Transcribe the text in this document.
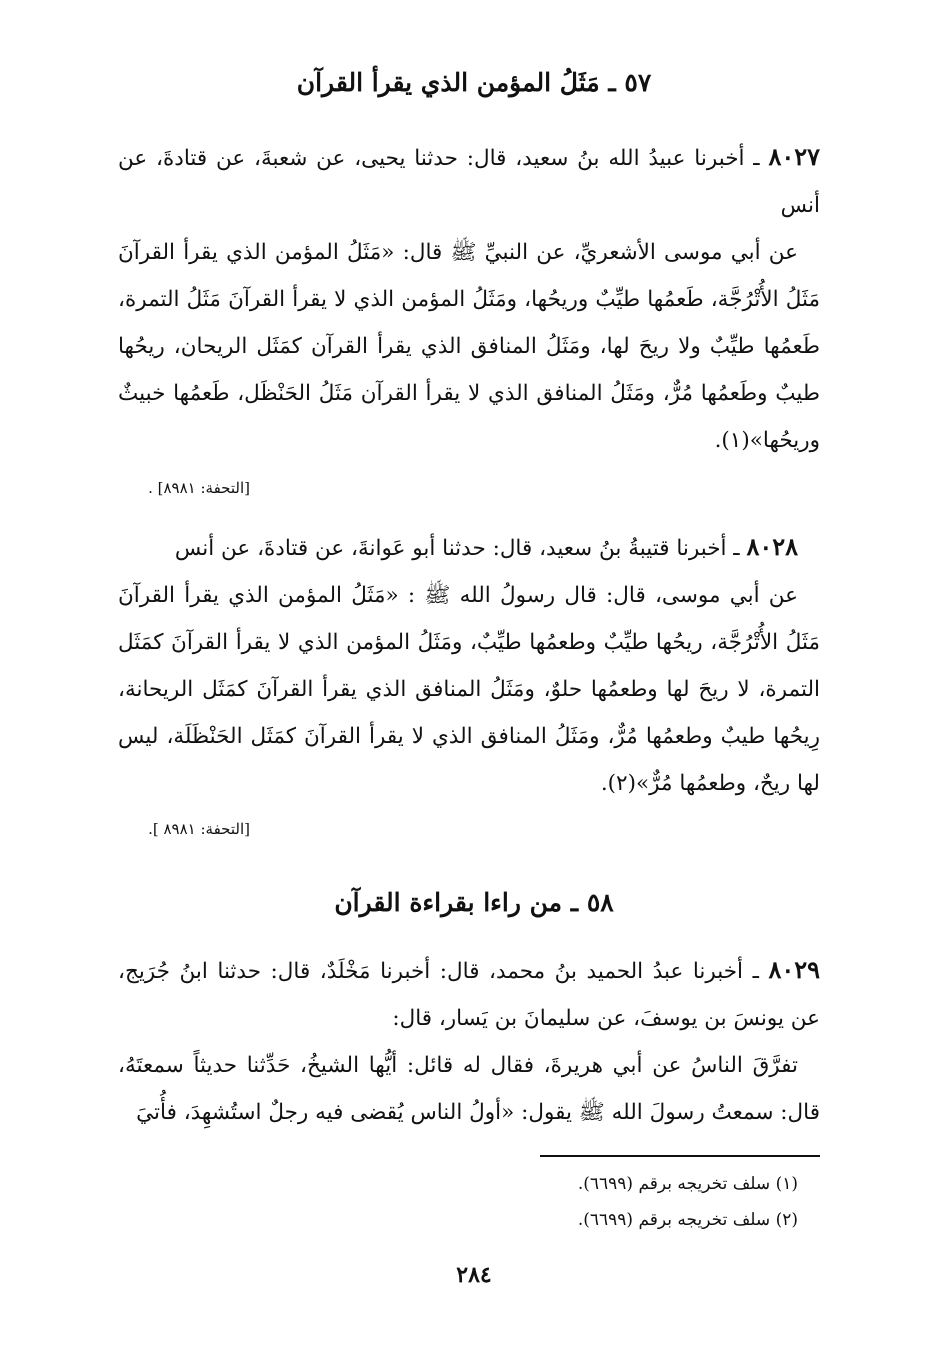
٥٧ ـ مَثَلُ المؤمن الذي يقرأ القرآن

٨٠٢٧ ـ أخبرنا عبيدُ الله بنُ سعيد، قال: حدثنا يحيى، عن شعبةَ، عن قتادةَ، عن أنس

عن أبي موسى الأشعريِّ، عن النبيِّ ﷺ قال: «مَثَلُ المؤمن الذي يقرأ القرآنَ مَثَلُ الأُتْرُجَّة، طَعمُها طيِّبٌ وريحُها، ومَثَلُ المؤمن الذي لا يقرأ القرآنَ مَثَلُ التمرة، طَعمُها طيِّبٌ ولا ريحَ لها، ومَثَلُ المنافق الذي يقرأ القرآن كمَثَل الريحان، ريحُها طيبٌ وطَعمُها مُرٌّ، ومَثَلُ المنافق الذي لا يقرأ القرآن مَثَلُ الحَنْظَل، طَعمُها خبيثٌ وريحُها»(١).

[التحفة: ٨٩٨١] .

٨٠٢٨ ـ أخبرنا قتيبةُ بنُ سعيد، قال: حدثنا أبو عَوانةَ، عن قتادةَ، عن أنس

عن أبي موسى، قال: قال رسولُ الله ﷺ : «مَثَلُ المؤمن الذي يقرأ القرآنَ مَثَلُ الأُتْرُجَّة، ريحُها طيِّبٌ وطعمُها طيِّبٌ، ومَثَلُ المؤمن الذي لا يقرأ القرآنَ كمَثَل التمرة، لا ريحَ لها وطعمُها حلوٌ، ومَثَلُ المنافق الذي يقرأ القرآنَ كمَثَل الريحانة، رِيحُها طيبٌ وطعمُها مُرٌّ، ومَثَلُ المنافق الذي لا يقرأ القرآنَ كمَثَل الحَنْظَلَة، ليس لها ريحٌ، وطعمُها مُرٌّ»(٢).

[التحفة: ٨٩٨١ ].

٥٨ ـ من راءا بقراءة القرآن

٨٠٢٩ ـ أخبرنا عبدُ الحميد بنُ محمد، قال: أخبرنا مَخْلَدٌ، قال: حدثنا ابنُ جُرَيج، عن يونسَ بن يوسفَ، عن سليمانَ بن يَسار، قال:

تفرَّقَ الناسُ عن أبي هريرةَ، فقال له قائل: أيُّها الشيخُ، حَدِّثنا حديثاً سمعتَهُ، قال: سمعتُ رسولَ الله ﷺ يقول: «أولُ الناس يُقضى فيه رجلٌ استُشهِدَ، فأُتيَ

(١) سلف تخريجه برقم (٦٦٩٩).

(٢) سلف تخريجه برقم (٦٦٩٩).

٢٨٤
